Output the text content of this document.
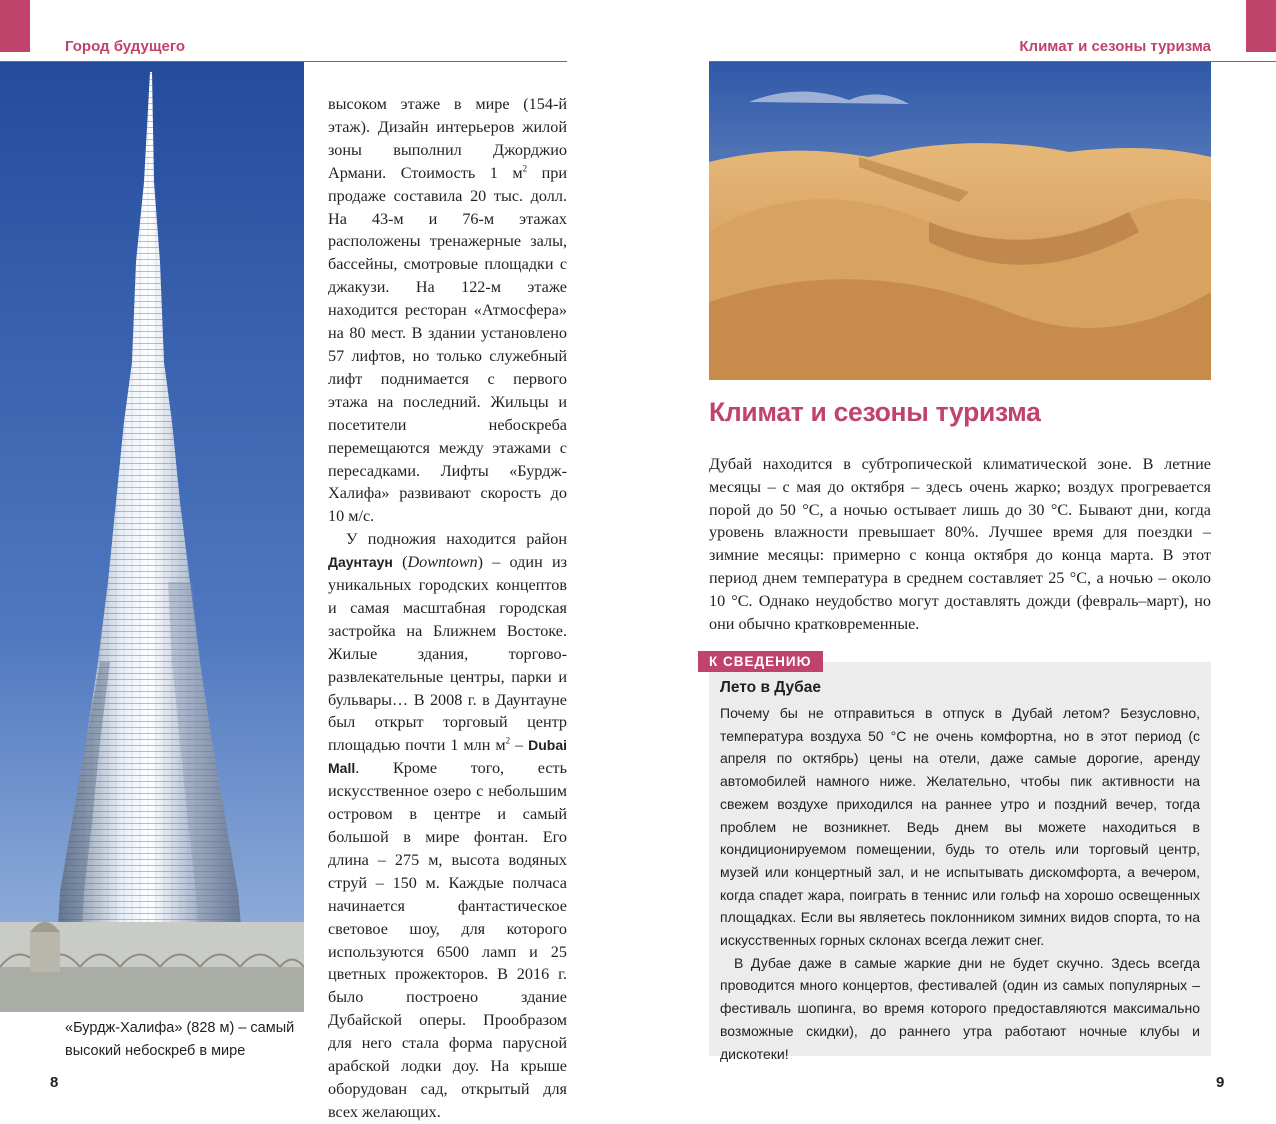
Город будущего	Климат и сезоны туризма
«Бурдж-Халифа» (828 м) – самый высокий небоскреб в мире

высоком этаже в мире (154-й этаж). Дизайн интерьеров жилой зоны выполнил Джорджио Армани. Стоимость 1 $м^2$ при продаже составила 20 тыс. долл. На 43-м и 76-м этажах расположены тренажерные залы, бассейны, смотровые площадки с джакузи. На 122-м этаже находится ресторан «Атмосфера» на 80 мест. В здании установлено 57 лифтов, но только служебный лифт поднимается с первого этажа на последний. Жильцы и посетители небоскреба перемещаются между этажами с пересадками. Лифты «Бурдж-Халифа» развивают скорость до 10 м/с.

У подножия находится район Даунтаун (Downtown) – один из уникальных городских концептов и самая масштабная городская застройка на Ближнем Востоке. Жилые здания, торгово-развлекательные центры, парки и бульвары… В 2008 г. в Даунтауне был открыт торговый центр площадью почти 1 млн $м^2$ – Dubai Mall. Кроме того, есть искусственное озеро с небольшим островом в центре и самый большой в мире фонтан. Его длина – 275 м, высота водяных струй – 150 м. Каждые полчаса начинается фантастическое световое шоу, для которого используются 6500 ламп и 25 цветных прожекторов. В 2016 г. было построено здание Дубайской оперы. Прообразом для него стала форма парусной арабской лодки доу. На крыше оборудован сад, открытый для всех желающих.

8
Климат и сезоны туризма

Дубай находится в субтропической климатической зоне. В летние месяцы – с мая до октября – здесь очень жарко; воздух прогревается порой до 50 °C, а ночью остывает лишь до 30 °C. Бывают дни, когда уровень влажности превышает 80%. Лучшее время для поездки – зимние месяцы: примерно с конца октября до конца марта. В этот период днем температура в среднем составляет 25 °C, а ночью – около 10 °C. Однако неудобство могут доставлять дожди (февраль–март), но они обычно кратковременные.

К СВЕДЕНИЮ
Лето в Дубае

Почему бы не отправиться в отпуск в Дубай летом? Безусловно, температура воздуха 50 °C не очень комфортна, но в этот период (с апреля по октябрь) цены на отели, даже самые дорогие, аренду автомобилей намного ниже. Желательно, чтобы пик активности на свежем воздухе приходился на раннее утро и поздний вечер, тогда проблем не возникнет. Ведь днем вы можете находиться в кондиционируемом помещении, будь то отель или торговый центр, музей или концертный зал, и не испытывать дискомфорта, а вечером, когда спадет жара, поиграть в теннис или гольф на хорошо освещенных площадках. Если вы являетесь поклонником зимних видов спорта, то на искусственных горных склонах всегда лежит снег.

В Дубае даже в самые жаркие дни не будет скучно. Здесь всегда проводится много концертов, фестивалей (один из самых популярных – фестиваль шопинга, во время которого предоставляются максимально возможные скидки), до раннего утра работают ночные клубы и дискотеки!

9
